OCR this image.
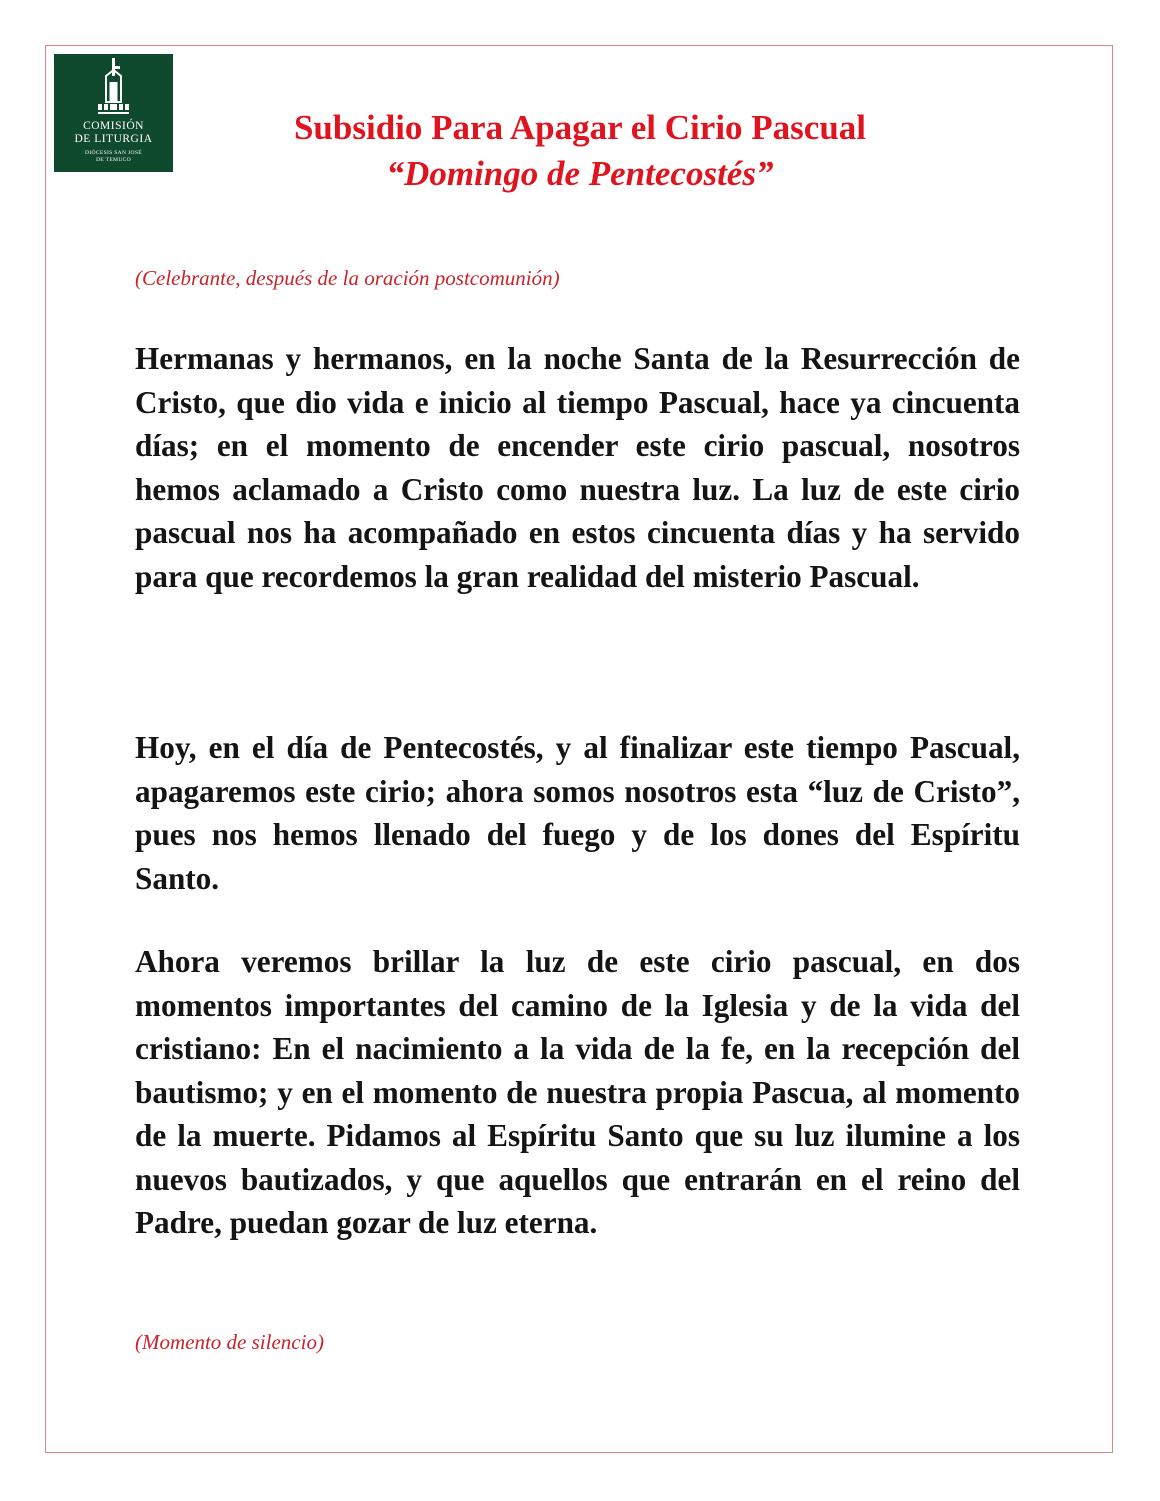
COMISIÓN
DE LITURGIA
DIÓCESIS SAN JOSÉ
DE TEMUCO
Subsidio Para Apagar el Cirio Pascual
“Domingo de Pentecostés”
(Celebrante, después de la oración postcomunión)

Hermanas y hermanos, en la noche Santa de la Resurrección de Cristo, que dio vida e inicio al tiempo Pascual, hace ya cincuenta días; en el momento de encender este cirio pascual, nosotros hemos aclamado a Cristo como nuestra luz. La luz de este cirio pascual nos ha acompañado en estos cincuenta días y ha servido para que recordemos la gran realidad del misterio Pascual.

Hoy, en el día de Pentecostés, y al finalizar este tiempo Pascual, apagaremos este cirio; ahora somos nosotros esta “luz de Cristo”, pues nos hemos llenado del fuego y de los dones del Espíritu Santo.

Ahora veremos brillar la luz de este cirio pascual, en dos momentos importantes del camino de la Iglesia y de la vida del cristiano: En el nacimiento a la vida de la fe, en la recepción del bautismo; y en el momento de nuestra propia Pascua, al momento de la muerte. Pidamos al Espíritu Santo que su luz ilumine a los nuevos bautizados, y que aquellos que entrarán en el reino del Padre, puedan gozar de luz eterna.

(Momento de silencio)
